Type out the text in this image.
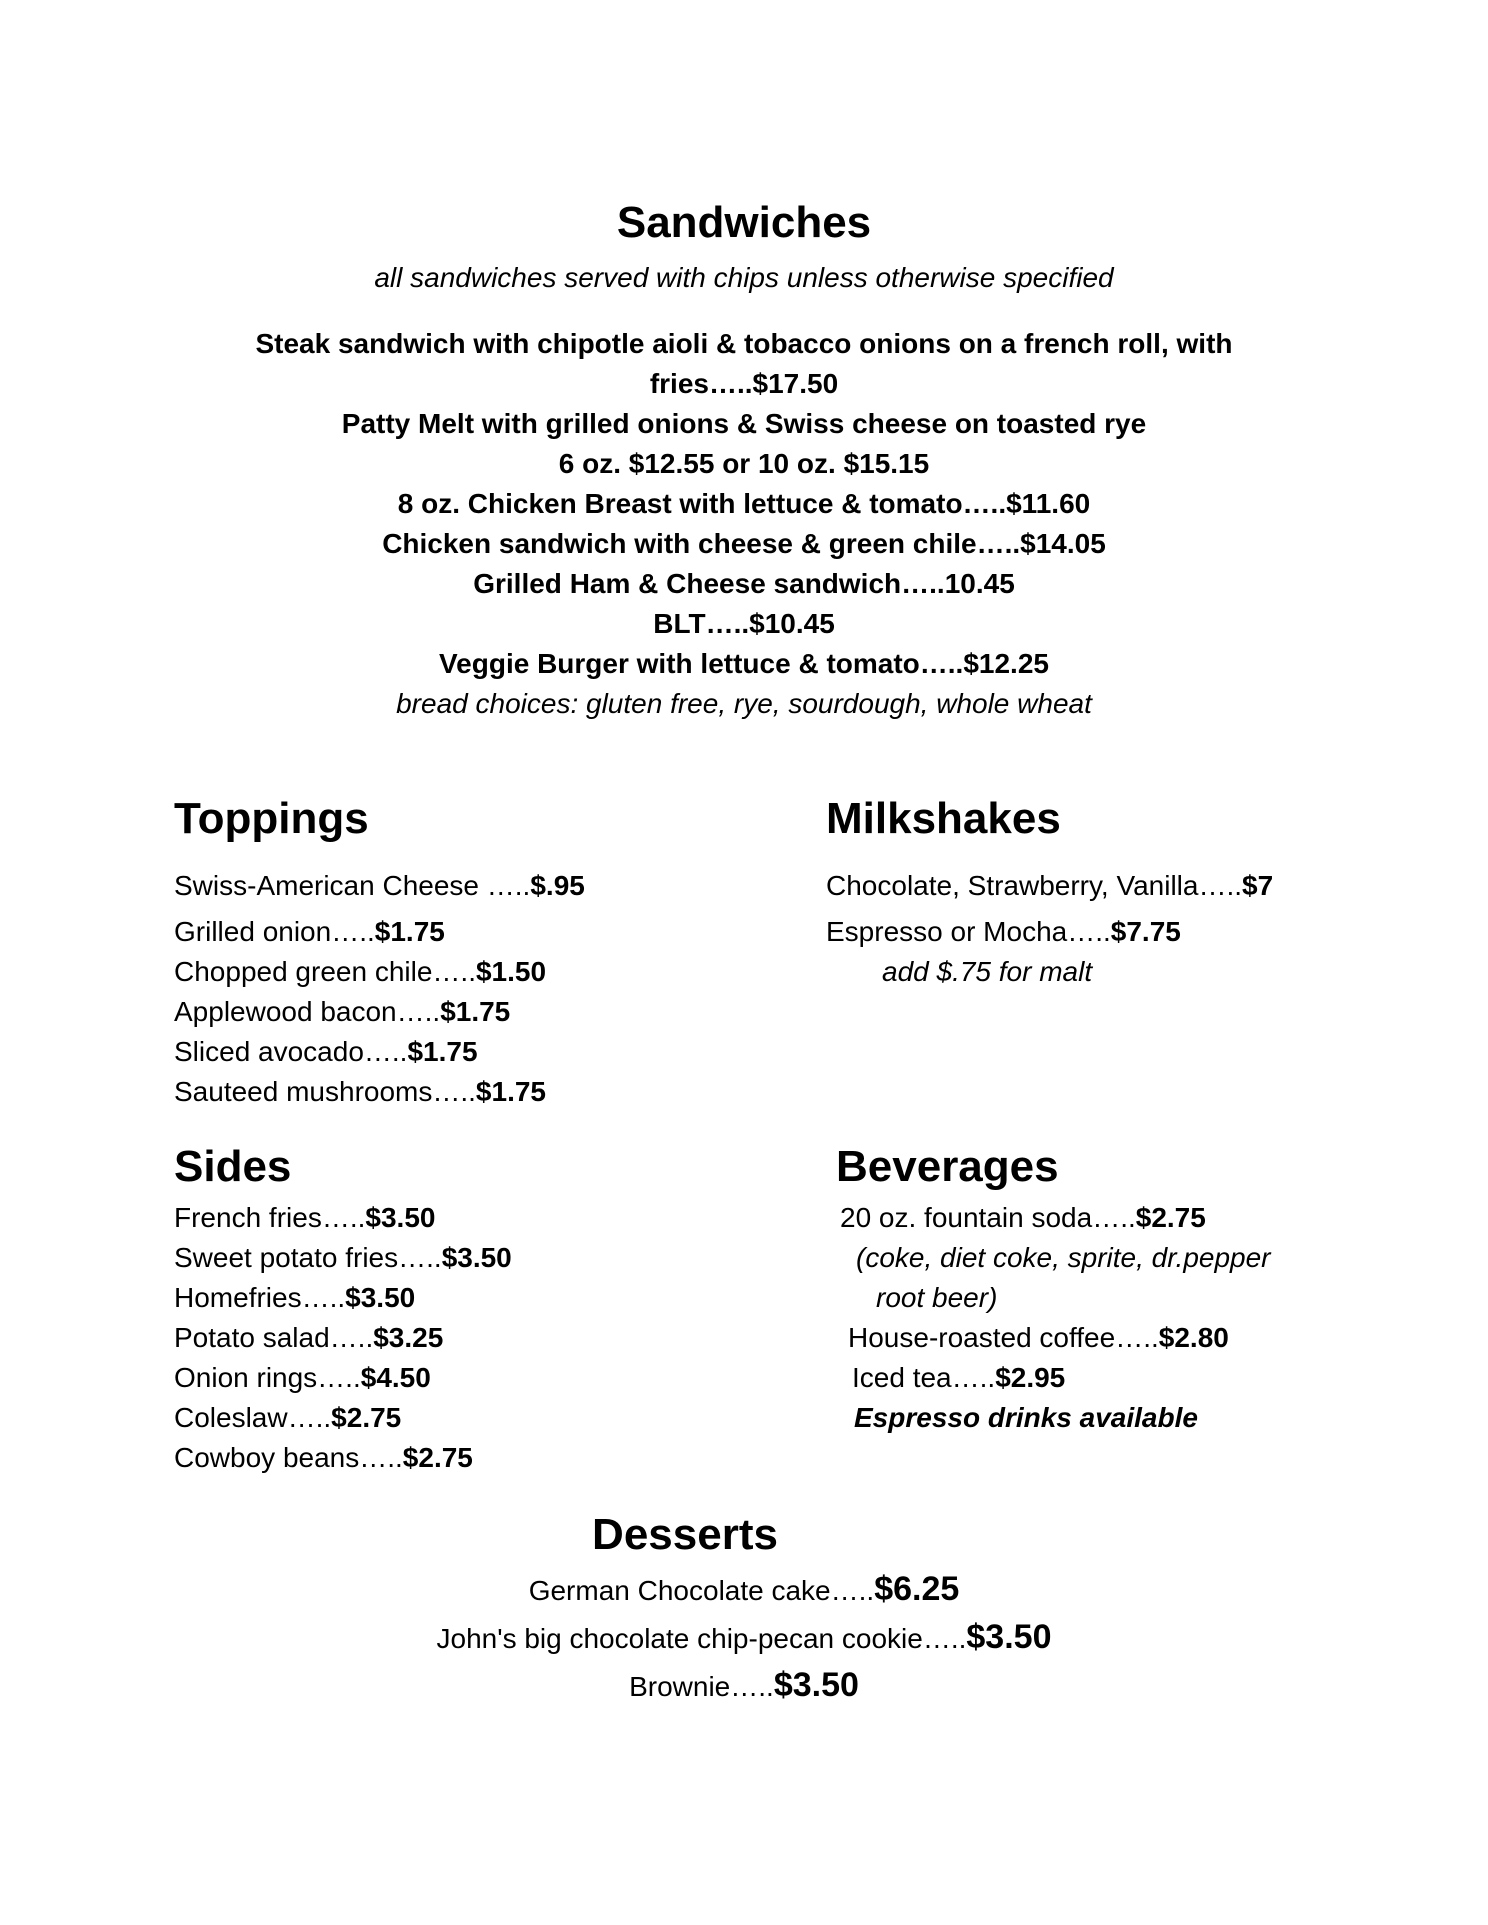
Sandwiches
all sandwiches served with chips unless otherwise specified
Steak sandwich with chipotle aioli & tobacco onions on a french roll, with
fries…..$17.50
Patty Melt with grilled onions & Swiss cheese on toasted rye
6 oz. $12.55 or 10 oz. $15.15
8 oz. Chicken Breast with lettuce & tomato…..$11.60
Chicken sandwich with cheese & green chile…..$14.05
Grilled Ham & Cheese sandwich…..10.45
BLT…..$10.45
Veggie Burger with lettuce & tomato…..$12.25
bread choices: gluten free, rye, sourdough, whole wheat
Toppings
Swiss-American Cheese …..$.95
Grilled onion…..$1.75
Chopped green chile…..$1.50
Applewood bacon…..$1.75
Sliced avocado…..$1.75
Sauteed mushrooms…..$1.75
Milkshakes
Chocolate, Strawberry, Vanilla…..$7
Espresso or Mocha…..$7.75
add $.75 for malt
Sides
French fries…..$3.50
Sweet potato fries…..$3.50
Homefries…..$3.50
Potato salad…..$3.25
Onion rings…..$4.50
Coleslaw…..$2.75
Cowboy beans…..$2.75
Beverages
20 oz. fountain soda…..$2.75
(coke, diet coke, sprite, dr.pepper
root beer)
House-roasted coffee…..$2.80
Iced tea…..$2.95
Espresso drinks available
Desserts
German Chocolate cake…..$6.25
John's big chocolate chip-pecan cookie…..$3.50
Brownie…..$3.50
